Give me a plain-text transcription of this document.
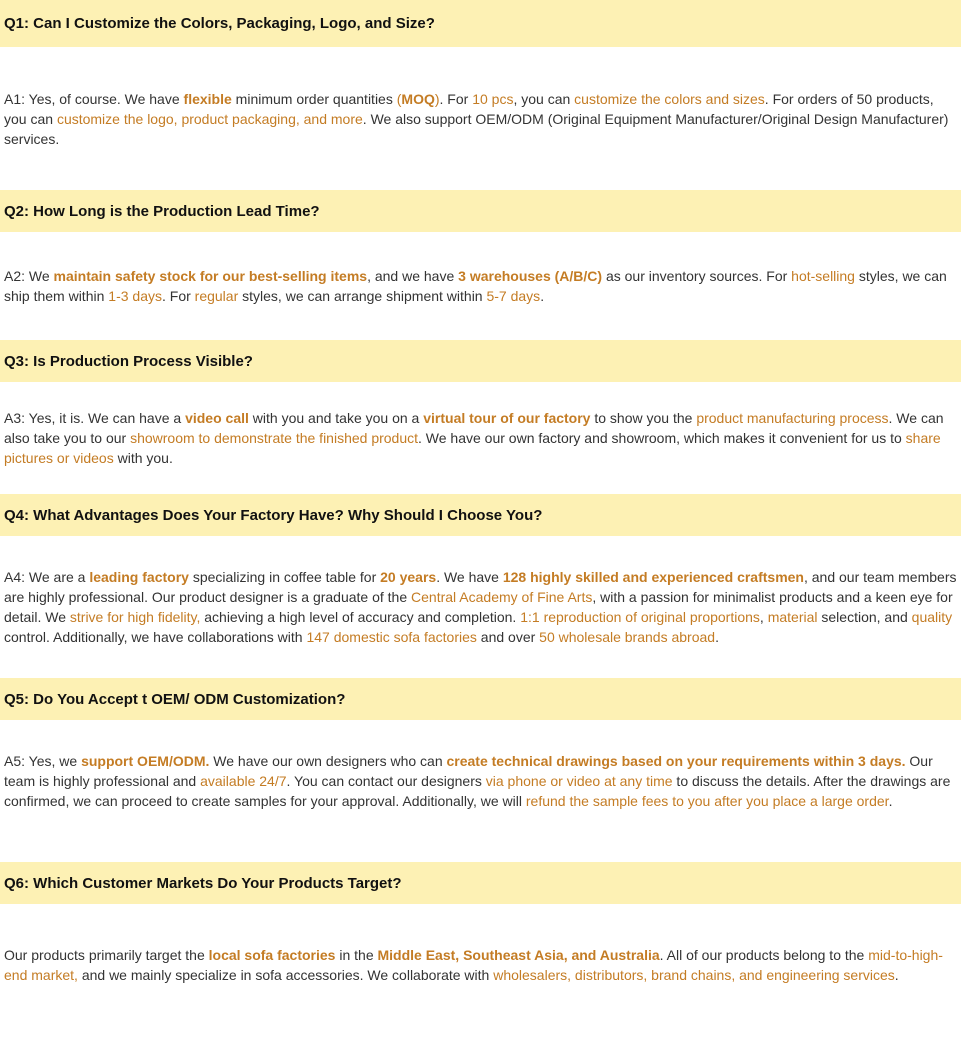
Q1: Can I Customize the Colors, Packaging, Logo, and Size?
A1: Yes, of course. We have flexible minimum order quantities (MOQ). For 10 pcs, you can customize the colors and sizes. For orders of 50 products, you can customize the logo, product packaging, and more. We also support OEM/ODM (Original Equipment Manufacturer/Original Design Manufacturer) services.
Q2: How Long is the Production Lead Time?
A2: We maintain safety stock for our best-selling items, and we have 3 warehouses (A/B/C) as our inventory sources. For hot-selling styles, we can ship them within 1-3 days. For regular styles, we can arrange shipment within 5-7 days.
Q3: Is Production Process Visible?
A3: Yes, it is. We can have a video call with you and take you on a virtual tour of our factory to show you the product manufacturing process. We can also take you to our showroom to demonstrate the finished product. We have our own factory and showroom, which makes it convenient for us to share pictures or videos with you.
Q4: What Advantages Does Your Factory Have? Why Should I Choose You?
A4: We are a leading factory specializing in coffee table for 20 years. We have 128 highly skilled and experienced craftsmen, and our team members are highly professional. Our product designer is a graduate of the Central Academy of Fine Arts, with a passion for minimalist products and a keen eye for detail. We strive for high fidelity, achieving a high level of accuracy and completion. 1:1 reproduction of original proportions, material selection, and quality control. Additionally, we have collaborations with 147 domestic sofa factories and over 50 wholesale brands abroad.
Q5: Do You Accept t OEM/ ODM Customization?
A5: Yes, we support OEM/ODM. We have our own designers who can create technical drawings based on your requirements within 3 days. Our team is highly professional and available 24/7. You can contact our designers via phone or video at any time to discuss the details. After the drawings are confirmed, we can proceed to create samples for your approval. Additionally, we will refund the sample fees to you after you place a large order.
Q6: Which Customer Markets Do Your Products Target?
Our products primarily target the local sofa factories in the Middle East, Southeast Asia, and Australia. All of our products belong to the mid-to-high-end market, and we mainly specialize in sofa accessories. We collaborate with wholesalers, distributors, brand chains, and engineering services.
